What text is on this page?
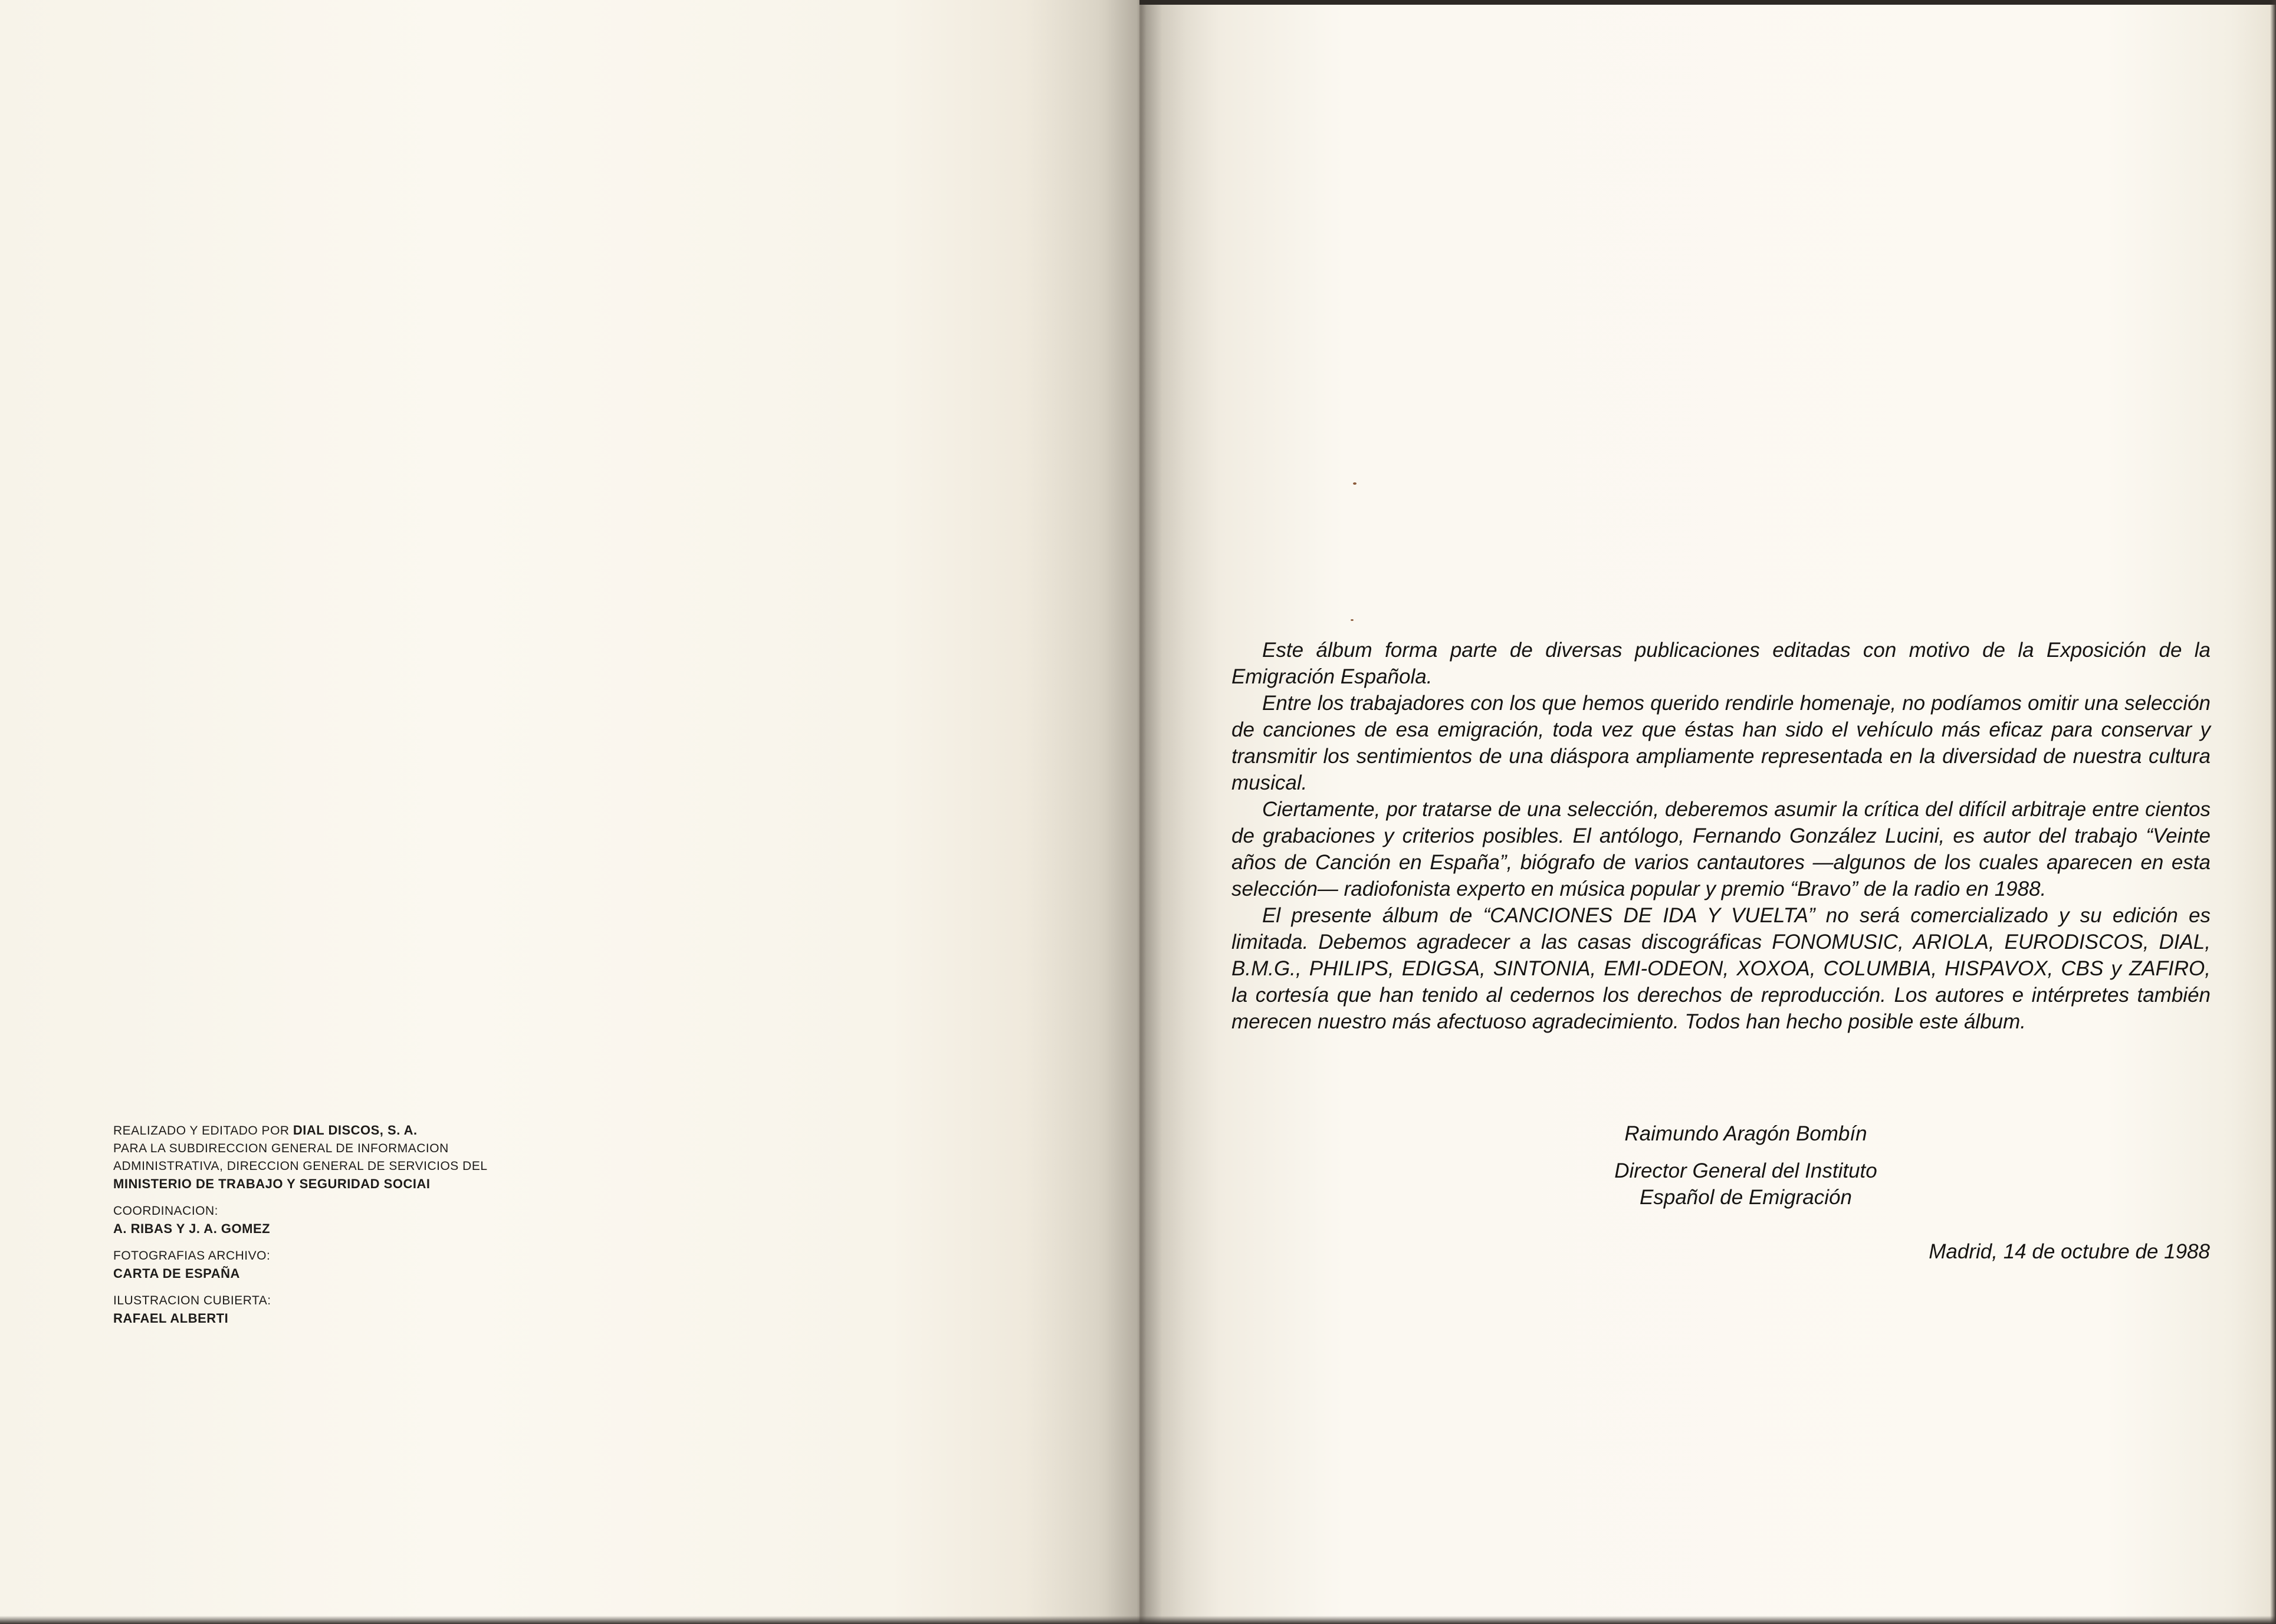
REALIZADO Y EDITADO POR DIAL DISCOS, S. A.
PARA LA SUBDIRECCION GENERAL DE INFORMACION
ADMINISTRATIVA, DIRECCION GENERAL DE SERVICIOS DEL
MINISTERIO DE TRABAJO Y SEGURIDAD SOCIAI
COORDINACION:
A. RIBAS Y J. A. GOMEZ
FOTOGRAFIAS ARCHIVO:
CARTA DE ESPAÑA
ILUSTRACION CUBIERTA:
RAFAEL ALBERTI

Este álbum forma parte de diversas publicaciones editadas con motivo de la Exposición de la Emigración Española.

Entre los trabajadores con los que hemos querido rendirle homenaje, no podíamos omitir una selección de canciones de esa emigración, toda vez que éstas han sido el vehículo más eficaz para conservar y transmitir los sentimientos de una diáspora ampliamente representada en la diversidad de nuestra cultura musical.

Ciertamente, por tratarse de una selección, deberemos asumir la crítica del difícil arbitraje entre cientos de grabaciones y criterios posibles. El antólogo, Fernando González Lucini, es autor del trabajo “Veinte años de Canción en España”, biógrafo de varios cantautores —algunos de los cuales aparecen en esta selección— radiofonista experto en música popular y premio “Bravo” de la radio en 1988.

El presente álbum de “CANCIONES DE IDA Y VUELTA” no será comercializado y su edición es limitada. Debemos agradecer a las casas discográficas FONOMUSIC, ARIOLA, EURODISCOS, DIAL, B.M.G., PHILIPS, EDIGSA, SINTONIA, EMI-ODEON, XOXOA, COLUMBIA, HISPAVOX, CBS y ZAFIRO, la cortesía que han tenido al cedernos los derechos de reproducción. Los autores e intérpretes también merecen nuestro más afectuoso agradecimiento. Todos han hecho posible este álbum.

Raimundo Aragón Bombín
Director General del Instituto
Español de Emigración
Madrid, 14 de octubre de 1988
